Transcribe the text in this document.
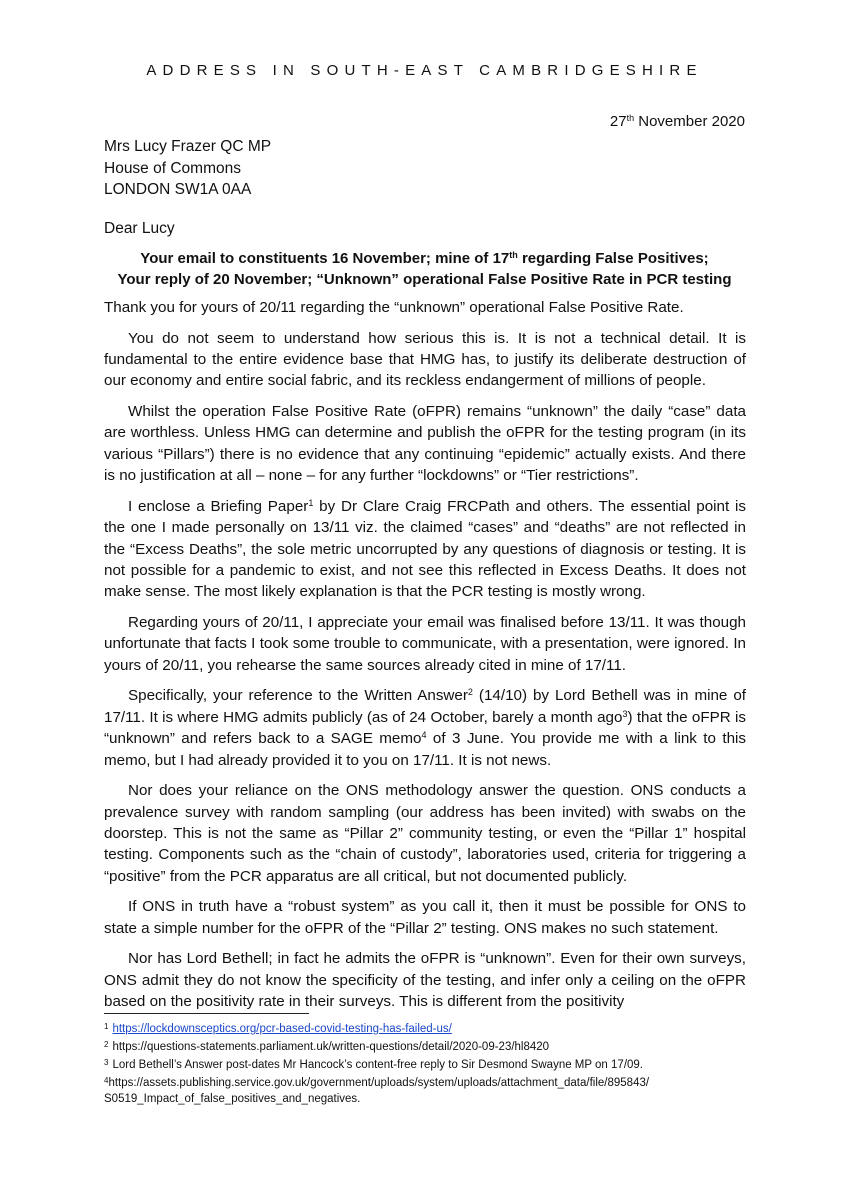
ADDRESS IN SOUTH-EAST CAMBRIDGESHIRE
27th November 2020
Mrs Lucy Frazer QC MP
House of Commons
LONDON SW1A 0AA
Dear Lucy
Your email to constituents 16 November; mine of 17th regarding False Positives;
Your reply of 20 November; “Unknown” operational False Positive Rate in PCR testing

Thank you for yours of 20/11 regarding the “unknown” operational False Positive Rate.

You do not seem to understand how serious this is. It is not a technical detail. It is fundamental to the entire evidence base that HMG has, to justify its deliberate destruction of our economy and entire social fabric, and its reckless endangerment of millions of people.

Whilst the operation False Positive Rate (oFPR) remains “unknown” the daily “case” data are worthless. Unless HMG can determine and publish the oFPR for the testing program (in its various “Pillars”) there is no evidence that any continuing “epidemic” actually exists. And there is no justification at all – none – for any further “lockdowns” or “Tier restrictions”.

I enclose a Briefing Paper$^1$ by Dr Clare Craig FRCPath and others. The essential point is the one I made personally on 13/11 viz. the claimed “cases” and “deaths” are not reflected in the “Excess Deaths”, the sole metric uncorrupted by any questions of diagnosis or testing. It is not possible for a pandemic to exist, and not see this reflected in Excess Deaths. It does not make sense. The most likely explanation is that the PCR testing is mostly wrong.

Regarding yours of 20/11, I appreciate your email was finalised before 13/11. It was though unfortunate that facts I took some trouble to communicate, with a presentation, were ignored. In yours of 20/11, you rehearse the same sources already cited in mine of 17/11.

Specifically, your reference to the Written Answer$^2$ (14/10) by Lord Bethell was in mine of 17/11. It is where HMG admits publicly (as of 24 October, barely a month ago$^3$) that the oFPR is “unknown” and refers back to a SAGE memo$^4$ of 3 June. You provide me with a link to this memo, but I had already provided it to you on 17/11. It is not news.

Nor does your reliance on the ONS methodology answer the question. ONS conducts a prevalence survey with random sampling (our address has been invited) with swabs on the doorstep. This is not the same as “Pillar 2” community testing, or even the “Pillar 1” hospital testing. Components such as the “chain of custody”, laboratories used, criteria for triggering a “positive” from the PCR apparatus are all critical, but not documented publicly.

If ONS in truth have a “robust system” as you call it, then it must be possible for ONS to state a simple number for the oFPR of the “Pillar 2” testing. ONS makes no such statement.

Nor has Lord Bethell; in fact he admits the oFPR is “unknown”. Even for their own surveys, ONS admit they do not know the specificity of the testing, and infer only a ceiling on the oFPR based on the positivity rate in their surveys. This is different from the positivity

$^1$ https://lockdownsceptics.org/pcr-based-covid-testing-has-failed-us/

$^2$ https://questions-statements.parliament.uk/written-questions/detail/2020-09-23/hl8420

$^3$ Lord Bethell’s Answer post-dates Mr Hancock’s content-free reply to Sir Desmond Swayne MP on 17/09.

$^4$https://assets.publishing.service.gov.uk/government/uploads/system/uploads/attachment_data/file/895843/

S0519_Impact_of_false_positives_and_negatives.
